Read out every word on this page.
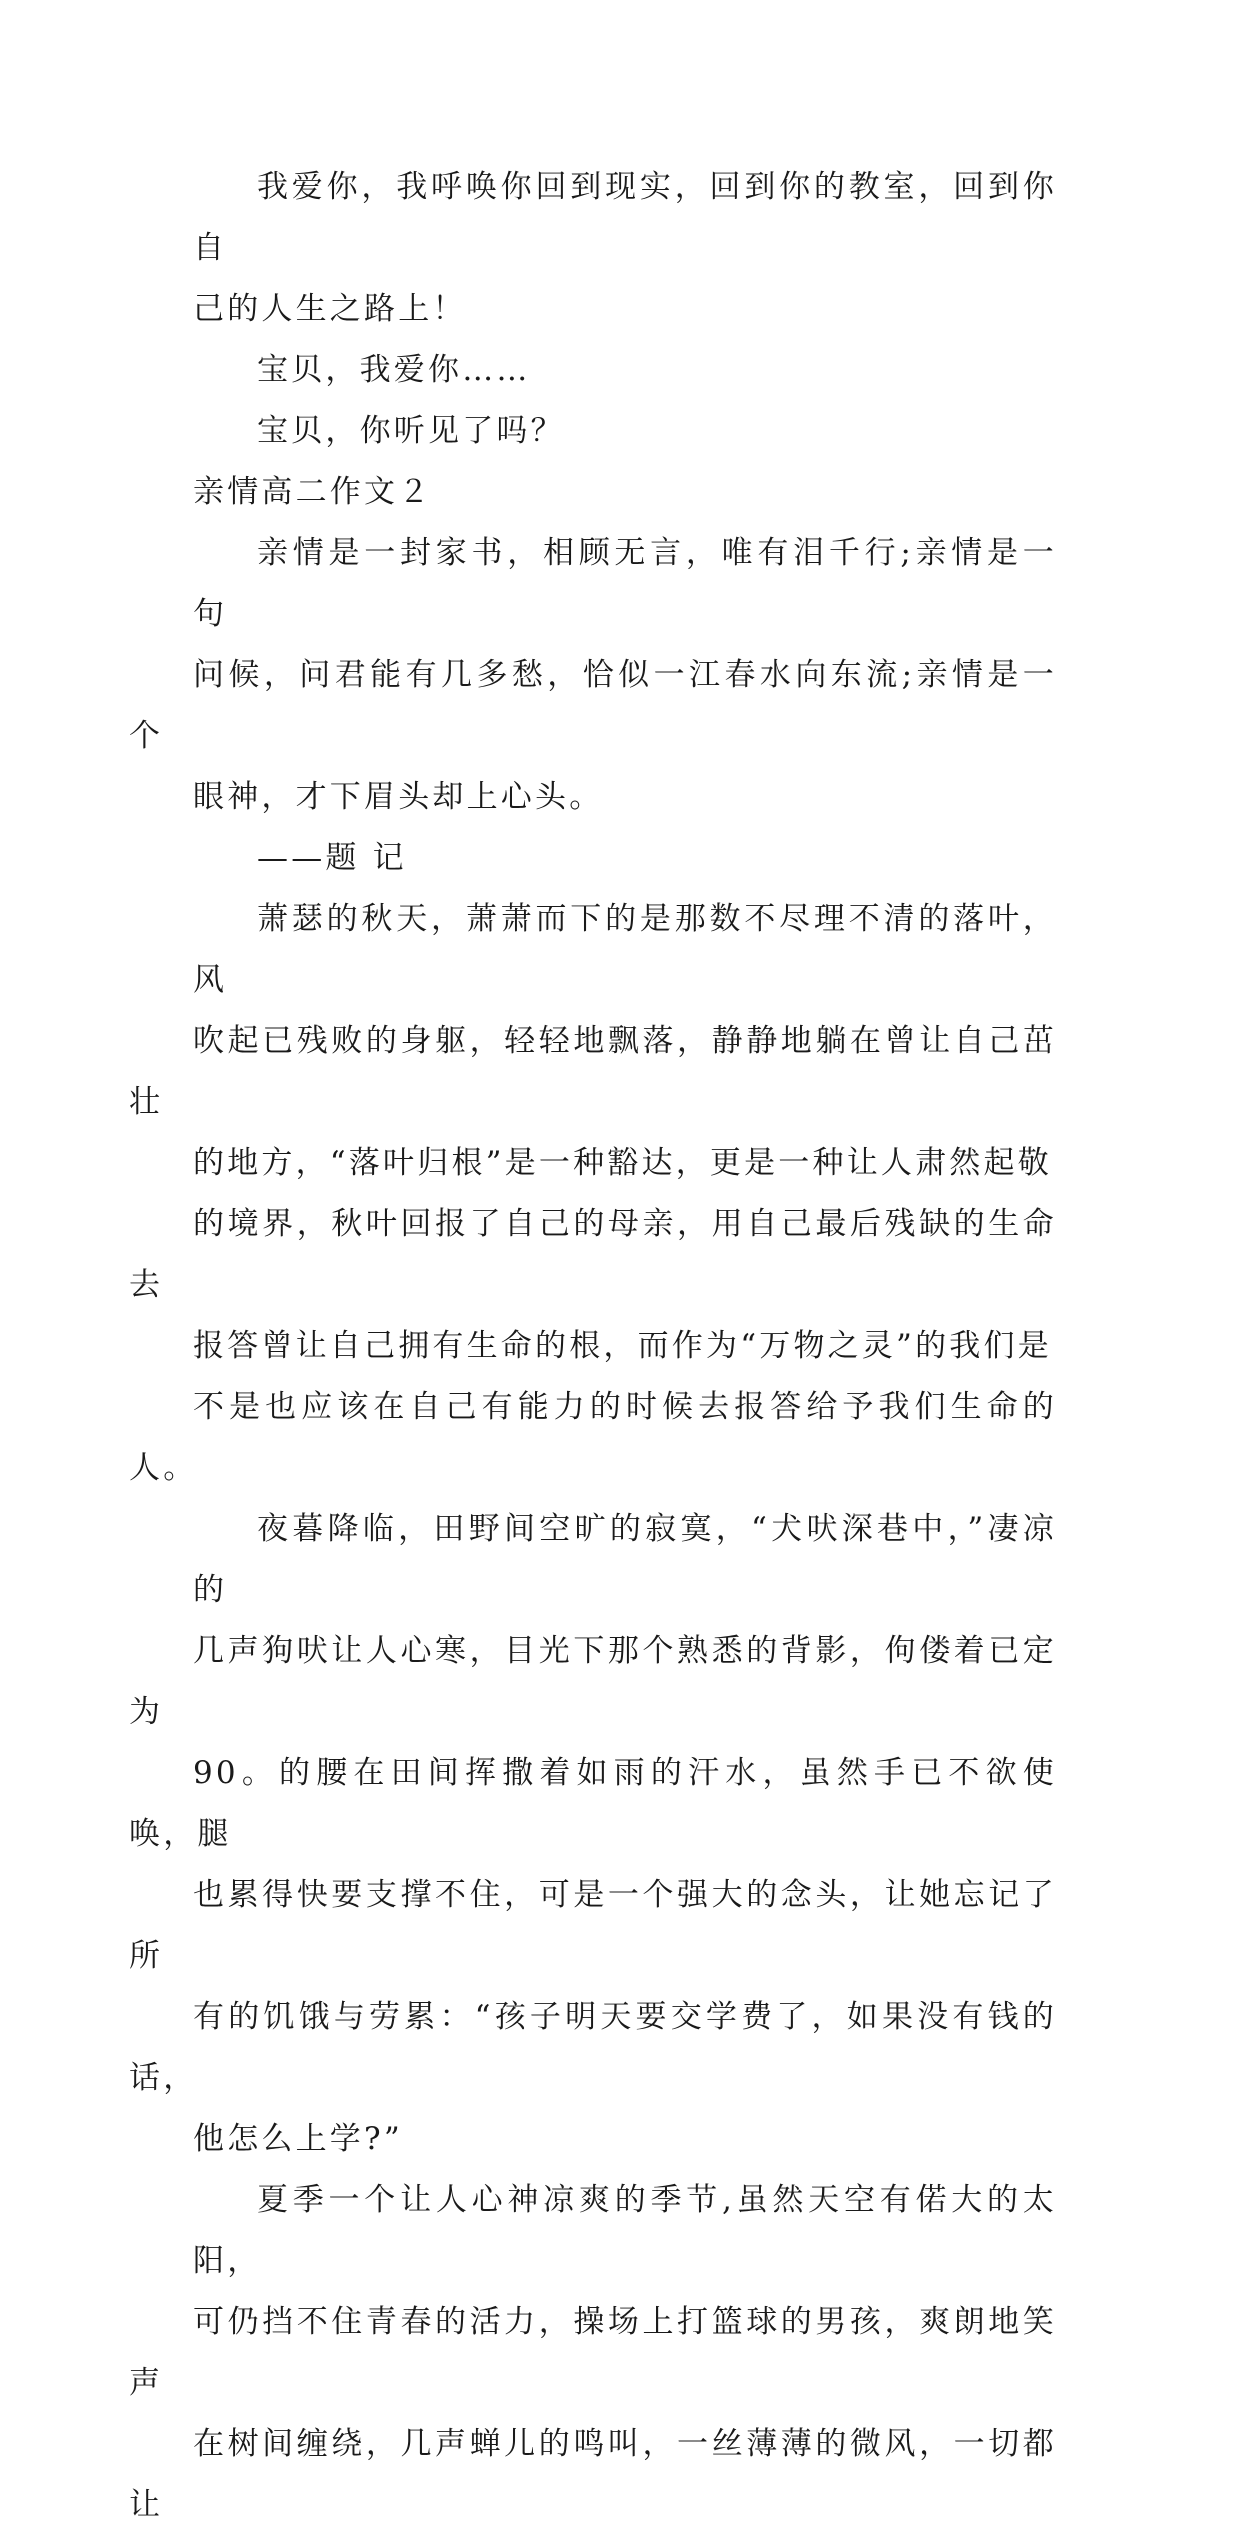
我爱你，我呼唤你回到现实，回到你的教室，回到你自
己的人生之路上！

宝贝，我爱你……

宝贝，你听见了吗？

亲情高二作文２

亲情是一封家书，相顾无言，唯有泪千行;亲情是一句
问候，问君能有几多愁，恰似一江春水向东流;亲情是一个
眼神，才下眉头却上心头。

——题 记

萧瑟的秋天，萧萧而下的是那数不尽理不清的落叶，风
吹起已残败的身躯，轻轻地飘落，静静地躺在曾让自己茁壮
的地方，“落叶归根”是一种豁达，更是一种让人肃然起敬
的境界，秋叶回报了自己的母亲，用自己最后残缺的生命去
报答曾让自己拥有生命的根，而作为“万物之灵”的我们是
不是也应该在自己有能力的时候去报答给予我们生命的人。

夜暮降临，田野间空旷的寂寞，“犬吠深巷中，”凄凉的
几声狗吠让人心寒，目光下那个熟悉的背影，佝偻着已定为
90。的腰在田间挥撒着如雨的汗水，虽然手已不欲使唤，腿
也累得快要支撑不住，可是一个强大的念头，让她忘记了所
有的饥饿与劳累：“孩子明天要交学费了，如果没有钱的话，
他怎么上学?”

夏季一个让人心神凉爽的季节,虽然天空有偌大的太阳，
可仍挡不住青春的活力，操场上打篮球的男孩，爽朗地笑声
在树间缠绕，几声蝉儿的鸣叫，一丝薄薄的微风，一切都让
